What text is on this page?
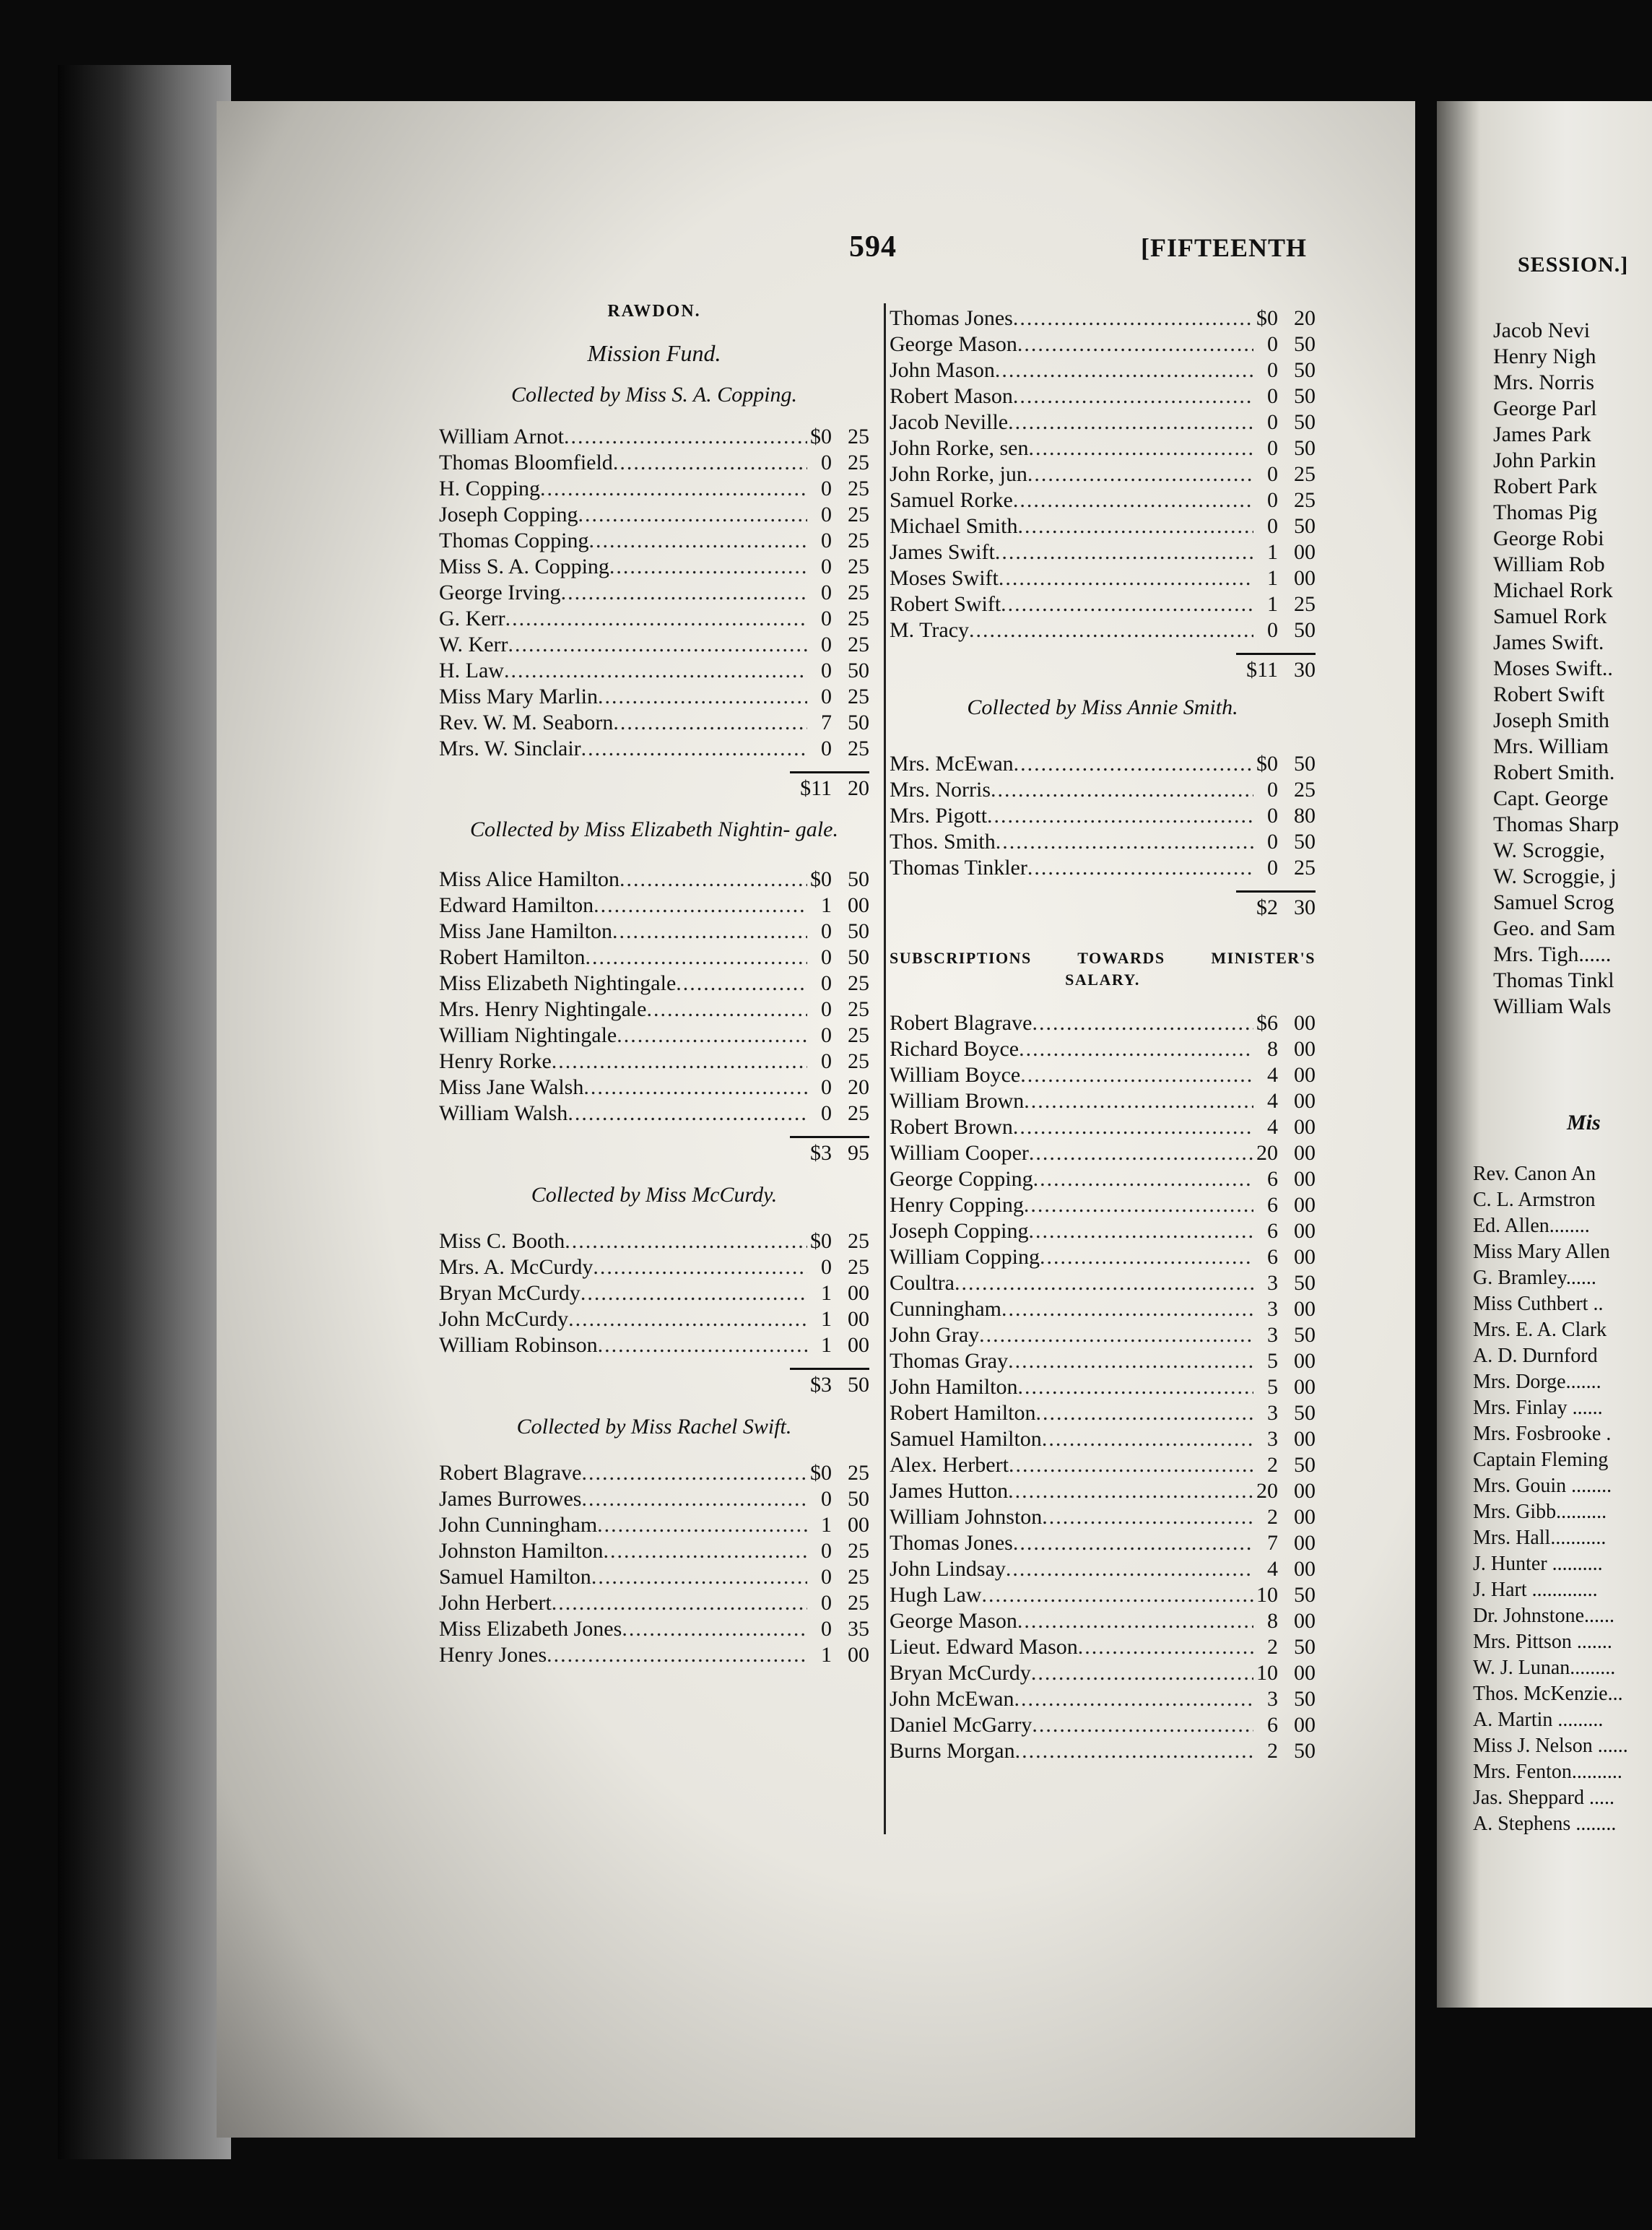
594	[FIFTEENTH
RAWDON.
Mission Fund.
Collected by Miss S. A. Copping.
William Arnot .....	$0 25
Thomas Bloomfield .....	0 25
H. Copping .....	0 25
Joseph Copping .....	0 25
Thomas Copping .....	0 25
Miss S. A. Copping .....	0 25
George Irving .....	0 25
G. Kerr .....	0 25
W. Kerr .....	0 25
H. Law .....	0 50
Miss Mary Marlin .....	0 25
Rev. W. M. Seaborn .....	7 50
Mrs. W. Sinclair .....	0 25
$11 20
Collected by Miss Elizabeth Nightin- gale.
Miss Alice Hamilton .....	$0 50
Edward Hamilton .....	1 00
Miss Jane Hamilton .....	0 50
Robert Hamilton .....	0 50
Miss Elizabeth Nightingale .....	0 25
Mrs. Henry Nightingale .....	0 25
William Nightingale .....	0 25
Henry Rorke .....	0 25
Miss Jane Walsh .....	0 20
William Walsh .....	0 25
$3 95
Collected by Miss McCurdy.
Miss C. Booth .....	$0 25
Mrs. A. McCurdy .....	0 25
Bryan McCurdy .....	1 00
John McCurdy .....	1 00
William Robinson .....	1 00
$3 50
Collected by Miss Rachel Swift.
Robert Blagrave .....	$0 25
James Burrowes .....	0 50
John Cunningham .....	1 00
Johnston Hamilton .....	0 25
Samuel Hamilton .....	0 25
John Herbert .....	0 25
Miss Elizabeth Jones .....	0 35
Henry Jones .....	1 00
Thomas Jones .....	$0 20
George Mason .....	0 50
John Mason .....	0 50
Robert Mason .....	0 50
Jacob Neville .....	0 50
John Rorke, sen .....	0 50
John Rorke, jun .....	0 25
Samuel Rorke .....	0 25
Michael Smith .....	0 50
James Swift .....	1 00
Moses Swift .....	1 00
Robert Swift .....	1 25
M. Tracy .....	0 50
$11 30
Collected by Miss Annie Smith.
Mrs. McEwan .....	$0 50
Mrs. Norris .....	0 25
Mrs. Pigott .....	0 80
Thos. Smith .....	0 50
Thomas Tinkler .....	0 25
$2 30
SUBSCRIPTIONS TOWARDS MINISTER'S
SALARY.
Robert Blagrave .....	$6 00
Richard Boyce .....	8 00
William Boyce .....	4 00
William Brown .....	4 00
Robert Brown .....	4 00
William Cooper .....	20 00
George Copping .....	6 00
Henry Copping .....	6 00
Joseph Copping .....	6 00
William Copping .....	6 00
Coultra .....	3 50
Cunningham .....	3 00
John Gray .....	3 50
Thomas Gray .....	5 00
John Hamilton .....	5 00
Robert Hamilton .....	3 50
Samuel Hamilton .....	3 00
Alex. Herbert .....	2 50
James Hutton .....	20 00
William Johnston .....	2 00
Thomas Jones .....	7 00
John Lindsay .....	4 00
Hugh Law .....	10 50
George Mason .....	8 00
Lieut. Edward Mason .....	2 50
Bryan McCurdy .....	10 00
John McEwan .....	3 50
Daniel McGarry .....	6 00
Burns Morgan .....	2 50
SESSION.]
Jacob Nevi
Henry Nigh
Mrs. Norris
George Parl
James Park
John Parkin
Robert Park
Thomas Pig
George Robi
William Rob
Michael Rork
Samuel Rork
James Swift.
Moses Swift..
Robert Swift
Joseph Smith
Mrs. William
Robert Smith.
Capt. George
Thomas Sharp
W. Scroggie,
W. Scroggie, j
Samuel Scrog
Geo. and Sam
Mrs. Tigh......
Thomas Tinkl
William Wals
Mis
Rev. Canon An
C. L. Armstron
Ed. Allen........
Miss Mary Allen
G. Bramley......
Miss Cuthbert ..
Mrs. E. A. Clark
A. D. Durnford
Mrs. Dorge.......
Mrs. Finlay ......
Mrs. Fosbrooke .
Captain Fleming
Mrs. Gouin ........
Mrs. Gibb..........
Mrs. Hall...........
J. Hunter ..........
J. Hart .............
Dr. Johnstone......
Mrs. Pittson .......
W. J. Lunan.........
Thos. McKenzie...
A. Martin .........
Miss J. Nelson ......
Mrs. Fenton..........
Jas. Sheppard .....
A. Stephens ........
